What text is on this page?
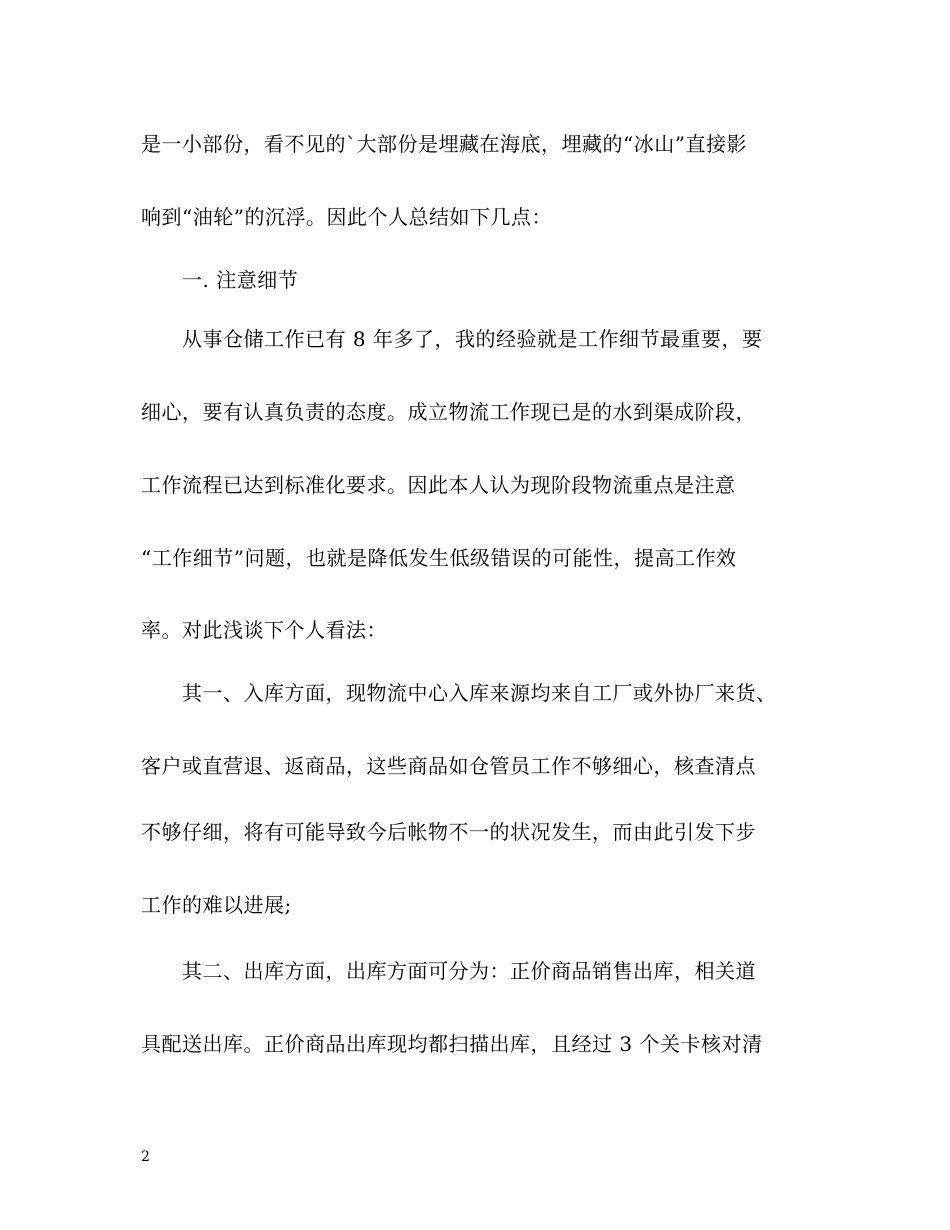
是一小部份，看不见的`大部份是埋藏在海底，埋藏的“冰山”直接影
响到“油轮”的沉浮。因此个人总结如下几点：
一. 注意细节
从事仓储工作已有 8 年多了，我的经验就是工作细节最重要，要
细心，要有认真负责的态度。成立物流工作现已是的水到渠成阶段，
工作流程已达到标准化要求。因此本人认为现阶段物流重点是注意
“工作细节”问题，也就是降低发生低级错误的可能性，提高工作效
率。对此浅谈下个人看法：
其一、入库方面，现物流中心入库来源均来自工厂或外协厂来货、
客户或直营退、返商品，这些商品如仓管员工作不够细心，核查清点
不够仔细，将有可能导致今后帐物不一的状况发生，而由此引发下步
工作的难以进展;
其二、出库方面，出库方面可分为：正价商品销售出库，相关道
具配送出库。正价商品出库现均都扫描出库，且经过 3 个关卡核对清
2
